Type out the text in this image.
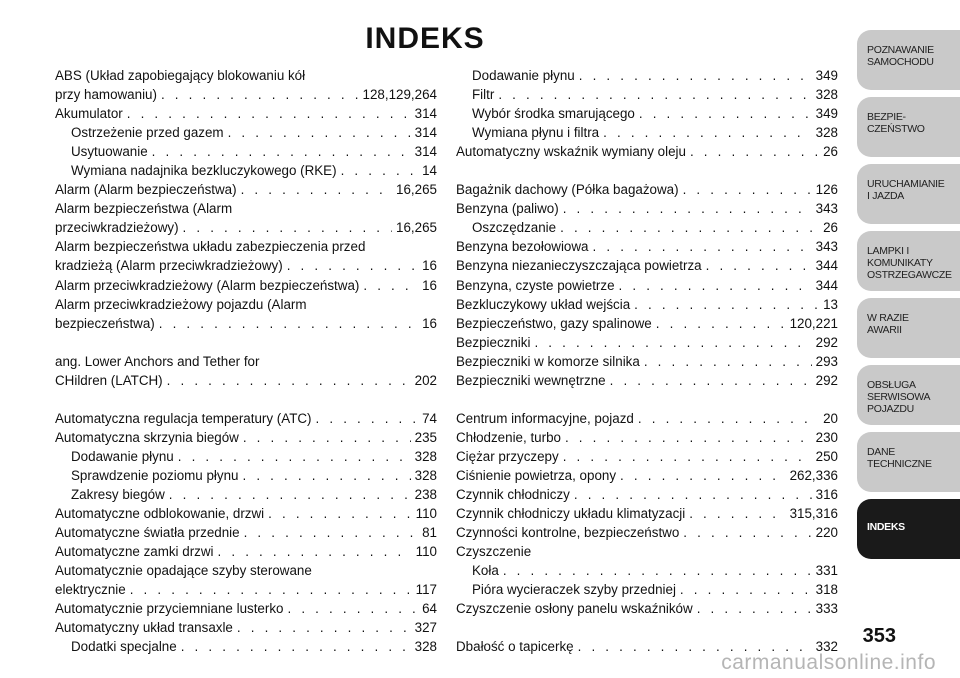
INDEKS
ABS (Układ zapobiegający blokowaniu kół
przy hamowaniu) . . .	128,129,264
Akumulator . . .	314
Ostrzeżenie przed gazem . . .	314
Usytuowanie . . .	314
Wymiana nadajnika bezkluczykowego (RKE) . . .	14
Alarm (Alarm bezpieczeństwa) . . .	16,265
Alarm bezpieczeństwa (Alarm
przeciwkradzieżowy) . . .	16,265
Alarm bezpieczeństwa układu zabezpieczenia przed
kradzieżą (Alarm przeciwkradzieżowy) . . .	16
Alarm przeciwkradzieżowy (Alarm bezpieczeństwa) . . .	16
Alarm przeciwkradzieżowy pojazdu (Alarm
bezpieczeństwa) . . .	16
ang. Lower Anchors and Tether for
CHildren (LATCH) . . .	202
Automatyczna regulacja temperatury (ATC) . . .	74
Automatyczna skrzynia biegów . . .	235
Dodawanie płynu . . .	328
Sprawdzenie poziomu płynu . . .	328
Zakresy biegów . . .	238
Automatyczne odblokowanie, drzwi . . .	110
Automatyczne światła przednie . . .	81
Automatyczne zamki drzwi . . .	110
Automatycznie opadające szyby sterowane
elektrycznie . . .	117
Automatycznie przyciemniane lusterko . . .	64
Automatyczny układ transaxle . . .	327
Dodatki specjalne . . .	328
Dodawanie płynu . . .	349
Filtr . . .	328
Wybór środka smarującego . . .	349
Wymiana płynu i filtra . . .	328
Automatyczny wskaźnik wymiany oleju . . .	26
Bagażnik dachowy (Półka bagażowa) . . .	126
Benzyna (paliwo) . . .	343
Oszczędzanie . . .	26
Benzyna bezołowiowa . . .	343
Benzyna niezanieczyszczająca powietrza . . .	344
Benzyna, czyste powietrze . . .	344
Bezkluczykowy układ wejścia . . .	13
Bezpieczeństwo, gazy spalinowe . . .	120,221
Bezpieczniki . . .	292
Bezpieczniki w komorze silnika . . .	293
Bezpieczniki wewnętrzne . . .	292
Centrum informacyjne, pojazd . . .	20
Chłodzenie, turbo . . .	230
Ciężar przyczepy . . .	250
Ciśnienie powietrza, opony . . .	262,336
Czynnik chłodniczy . . .	316
Czynnik chłodniczy układu klimatyzacji . . .	315,316
Czynności kontrolne, bezpieczeństwo . . .	220
Czyszczenie
Koła . . .	331
Pióra wycieraczek szyby przedniej . . .	318
Czyszczenie osłony panelu wskaźników . . .	333
Dbałość o tapicerkę . . .	332
POZNAWANIE
SAMOCHODU
BEZPIE-
CZEŃSTWO
URUCHAMIANIE
I JAZDA
LAMPKI I
KOMUNIKATY
OSTRZEGAWCZE
W RAZIE
AWARII
OBSŁUGA
SERWISOWA
POJAZDU
DANE
TECHNICZNE
INDEKS
353
carmanualsonline.info
